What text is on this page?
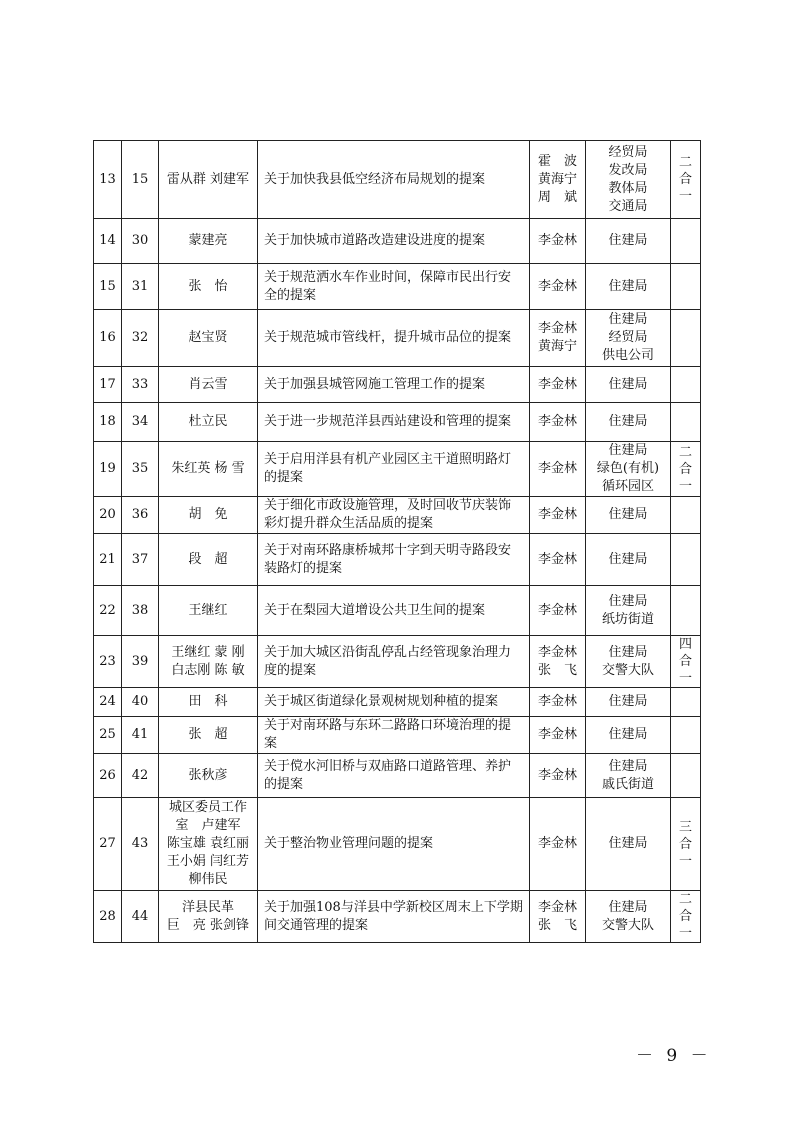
13	15	雷从群 刘建军	关于加快我县低空经济布局规划的提案	霍　波
黄海宁
周　斌	经贸局
发改局
教体局
交通局	二
合
一

14	30	蒙建亮	关于加快城市道路改造建设进度的提案	李金林	住建局	

15	31	张　怡	关于规范洒水车作业时间，保障市民出行安全的提案	李金林	住建局	

16	32	赵宝贤	关于规范城市管线杆，提升城市品位的提案	李金林
黄海宁	住建局
经贸局
供电公司	

17	33	肖云雪	关于加强县城管网施工管理工作的提案	李金林	住建局	

18	34	杜立民	关于进一步规范洋县西站建设和管理的提案	李金林	住建局	

19	35	朱红英 杨 雪	关于启用洋县有机产业园区主干道照明路灯的提案	李金林	住建局
绿色(有机)
循环园区	二
合
一

20	36	胡　免	关于细化市政设施管理，及时回收节庆装饰彩灯提升群众生活品质的提案	李金林	住建局	

21	37	段　超	关于对南环路康桥城邦十字到天明寺路段安装路灯的提案	李金林	住建局	

22	38	王继红	关于在梨园大道增设公共卫生间的提案	李金林	住建局
纸坊街道	

23	39	王继红 蒙 刚
白志刚 陈 敏	关于加大城区沿街乱停乱占经管现象治理力度的提案	李金林
张　飞	住建局
交警大队	四
合
一

24	40	田　科	关于城区街道绿化景观树规划种植的提案	李金林	住建局	

25	41	张　超	关于对南环路与东环二路路口环境治理的提案	李金林	住建局	

26	42	张秋彦	关于傥水河旧桥与双庙路口道路管理、养护的提案	李金林	住建局
戚氏街道	

27	43	城区委员工作
室　卢建军
陈宝雄 袁红丽
王小娟 闫红芳
柳伟民	关于整治物业管理问题的提案	李金林	住建局	三
合
一

28	44	洋县民革
巨　亮 张剑锋	关于加强108与洋县中学新校区周末上下学期间交通管理的提案	李金林
张　飞	住建局
交警大队	二
合
一
－ 9 －
